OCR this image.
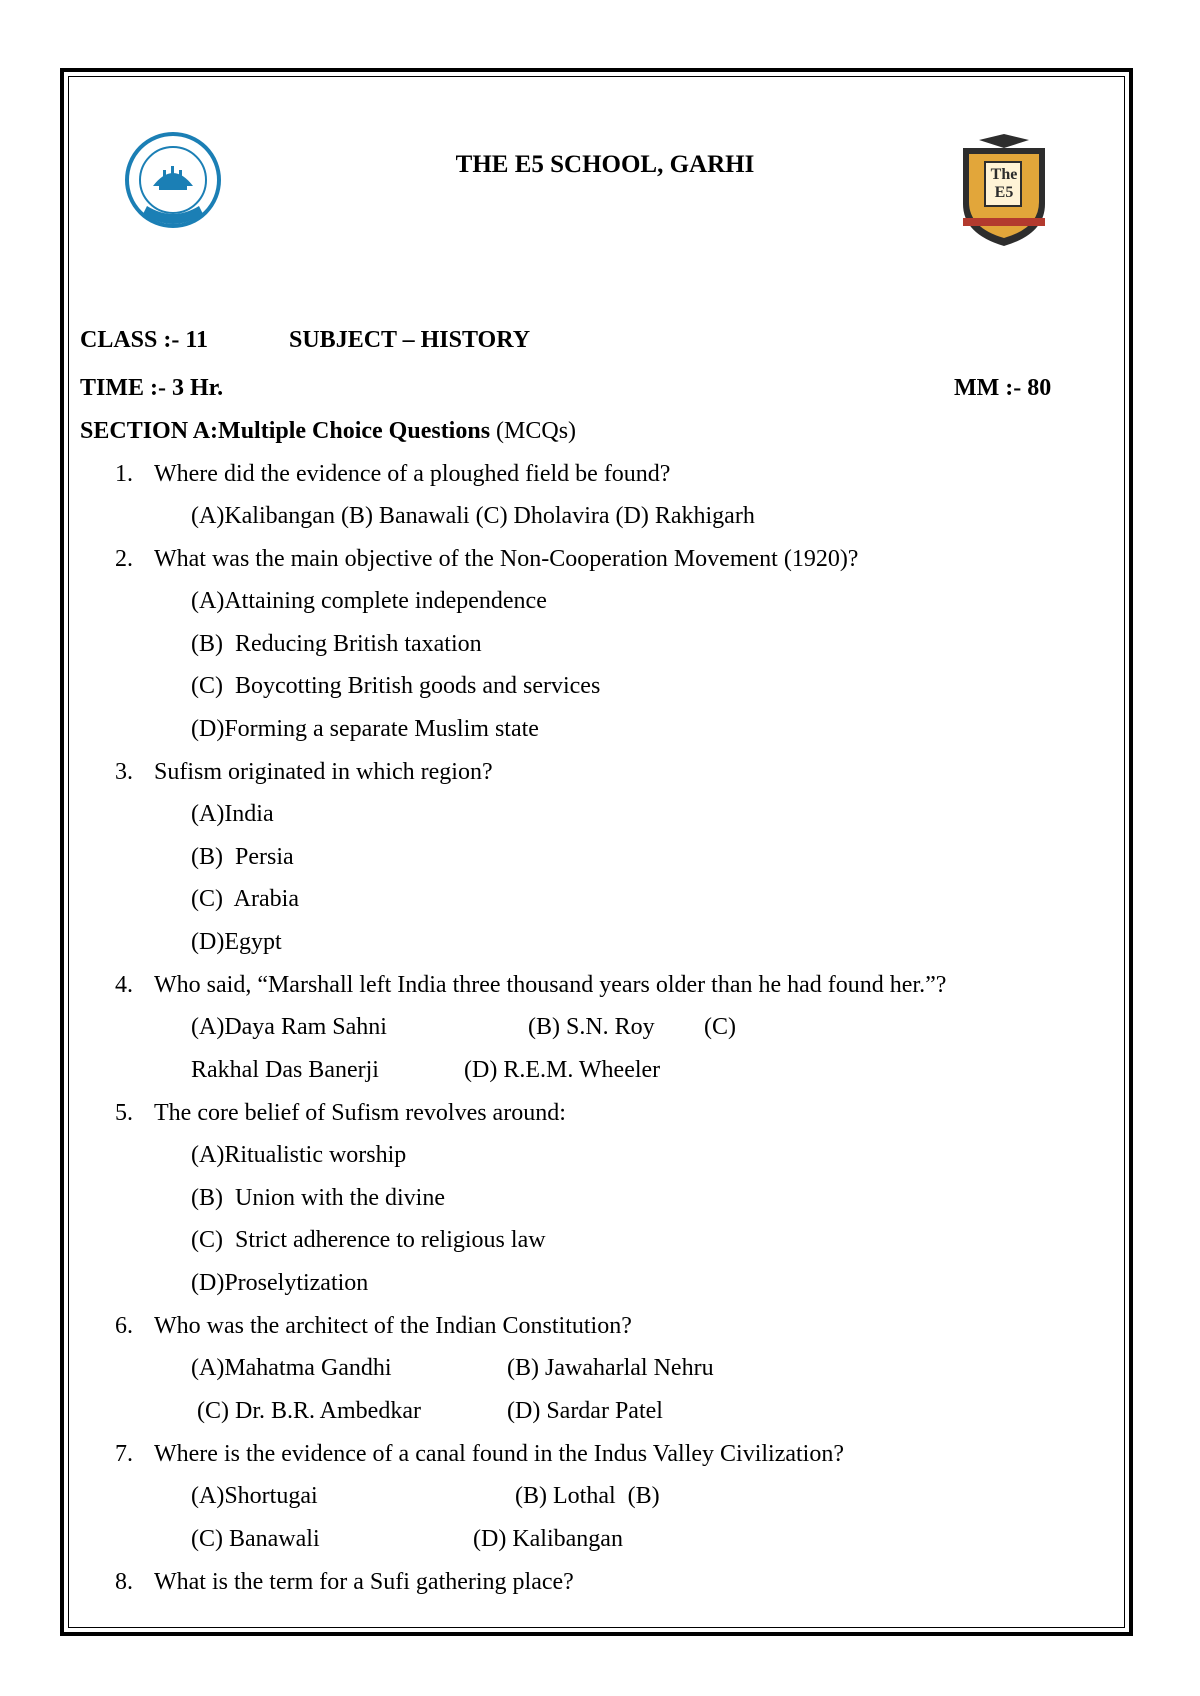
The E5
THE E5 SCHOOL, GARHI
CLASS :- 11	SUBJECT – HISTORY
TIME :- 3 Hr.	MM :- 80
SECTION A:Multiple Choice Questions (MCQs)
1. Where did the evidence of a ploughed field be found?
(A)Kalibangan (B) Banawali (C) Dholavira (D) Rakhigarh
2. What was the main objective of the Non-Cooperation Movement (1920)?
(A)Attaining complete independence
(B)  Reducing British taxation
(C)  Boycotting British goods and services
(D)Forming a separate Muslim state
3. Sufism originated in which region?
(A)India
(B)  Persia
(C)  Arabia
(D)Egypt
4. Who said, “Marshall left India three thousand years older than he had found her.”?
(A)Daya Ram Sahni	(B) S.N. Roy (C)
Rakhal Das Banerji	(D) R.E.M. Wheeler
5. The core belief of Sufism revolves around:
(A)Ritualistic worship
(B)  Union with the divine
(C)  Strict adherence to religious law
(D)Proselytization
6. Who was the architect of the Indian Constitution?
(A)Mahatma Gandhi	(B) Jawaharlal Nehru
(C) Dr. B.R. Ambedkar	(D) Sardar Patel
7. Where is the evidence of a canal found in the Indus Valley Civilization?
(A)Shortugai	(B) Lothal  (B)
(C) Banawali	(D) Kalibangan
8. What is the term for a Sufi gathering place?
